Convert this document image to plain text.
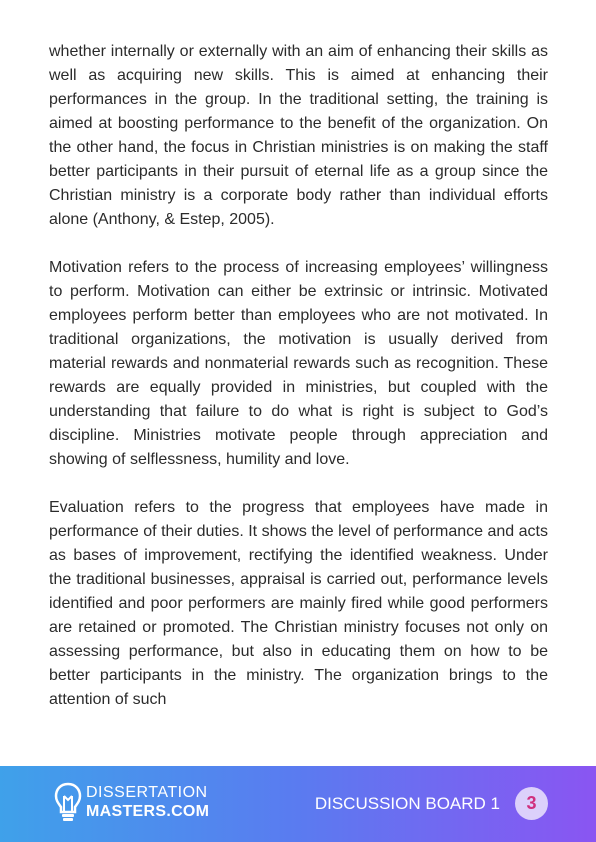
whether internally or externally with an aim of enhancing their skills as well as acquiring new skills. This is aimed at enhancing their performances in the group. In the traditional setting, the training is aimed at boosting performance to the benefit of the organization. On the other hand, the focus in Christian ministries is on making the staff better participants in their pursuit of eternal life as a group since the Christian ministry is a corporate body rather than individual efforts alone (Anthony, & Estep, 2005).

Motivation refers to the process of increasing employees’ willingness to perform. Motivation can either be extrinsic or intrinsic. Motivated employees perform better than employees who are not motivated. In traditional organizations, the motivation is usually derived from material rewards and nonmaterial rewards such as recognition. These rewards are equally provided in ministries, but coupled with the understanding that failure to do what is right is subject to God’s discipline. Ministries motivate people through appreciation and showing of selflessness, humility and love.

Evaluation refers to the progress that employees have made in performance of their duties. It shows the level of performance and acts as bases of improvement, rectifying the identified weakness. Under the traditional businesses, appraisal is carried out, performance levels identified and poor performers are mainly fired while good performers are retained or promoted. The Christian ministry focuses not only on assessing performance, but also in educating them on how to be better participants in the ministry. The organization brings to the attention of such

DISSERTATION
MASTERS.COM	DISCUSSION BOARD 1	3
